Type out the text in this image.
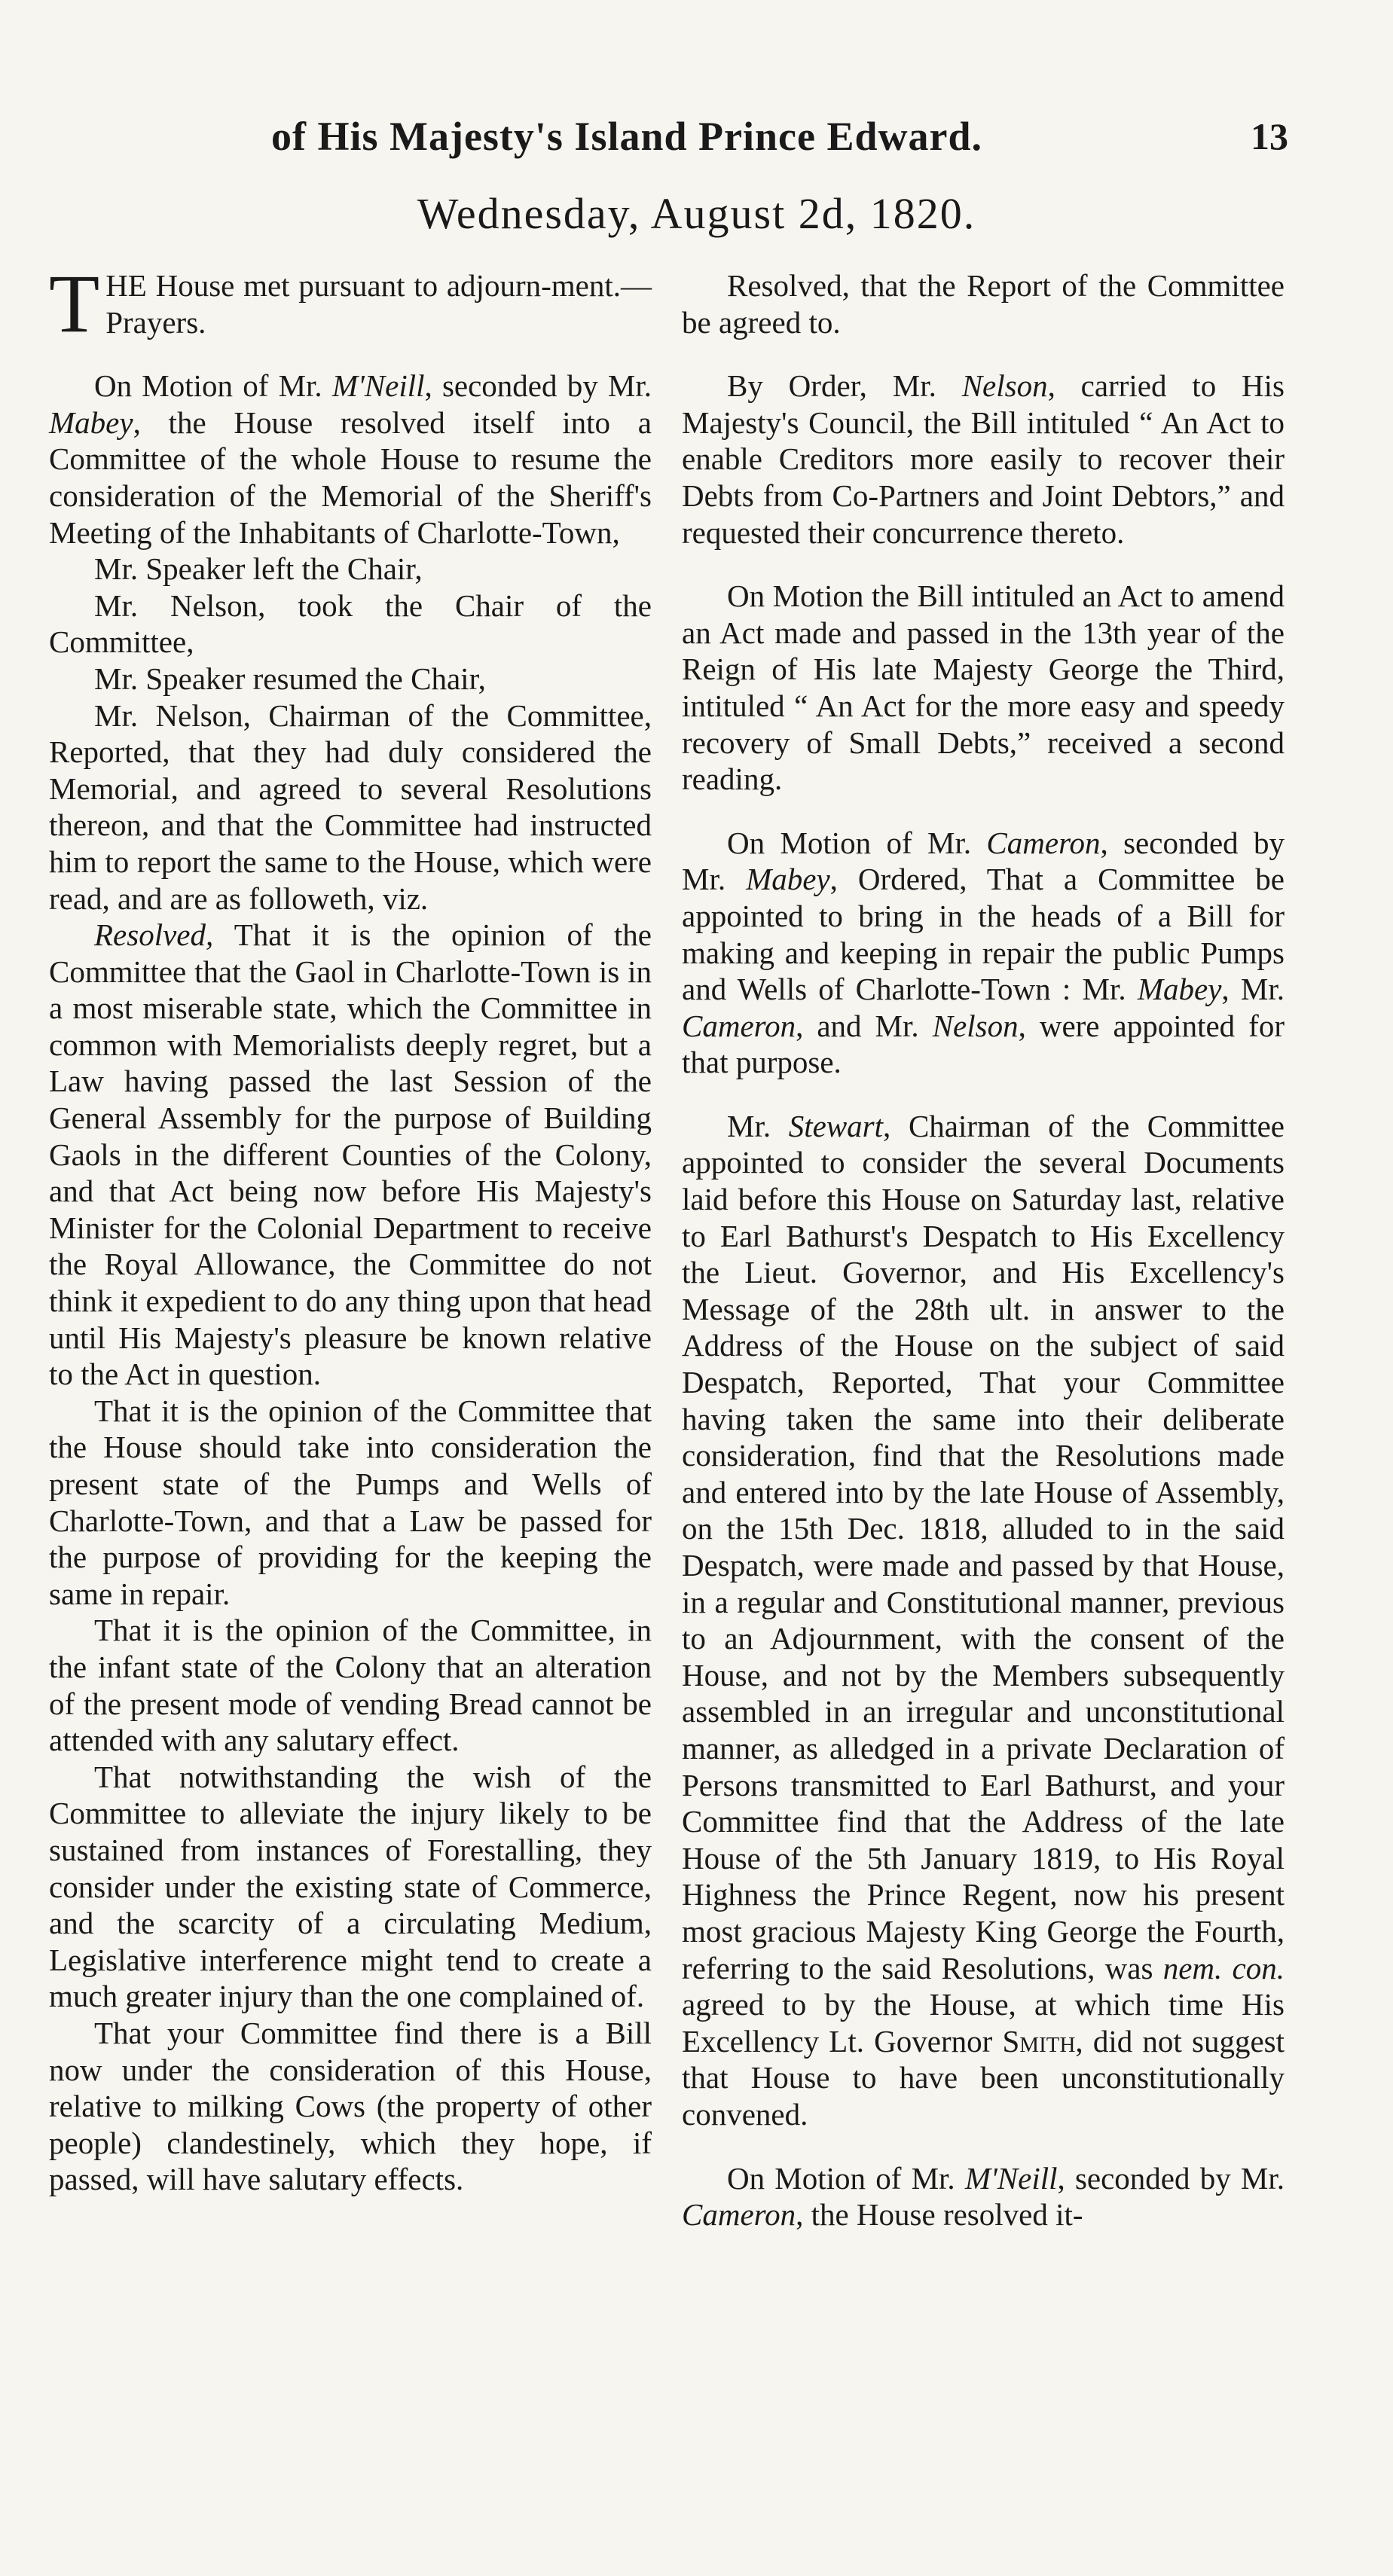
of His Majesty's Island Prince Edward.	13
Wednesday, August 2d, 1820.

THE House met pursuant to adjourn-ment.—Prayers.

On Motion of Mr. M'Neill, seconded by Mr. Mabey, the House resolved itself into a Committee of the whole House to resume the consideration of the Memorial of the Sheriff's Meeting of the Inhabitants of Charlotte-Town,

Mr. Speaker left the Chair,

Mr. Nelson, took the Chair of the Committee,

Mr. Speaker resumed the Chair,

Mr. Nelson, Chairman of the Committee, Reported, that they had duly considered the Memorial, and agreed to several Resolutions thereon, and that the Committee had instructed him to report the same to the House, which were read, and are as followeth, viz.

Resolved, That it is the opinion of the Committee that the Gaol in Charlotte-Town is in a most miserable state, which the Committee in common with Memorialists deeply regret, but a Law having passed the last Session of the General Assembly for the purpose of Building Gaols in the different Counties of the Colony, and that Act being now before His Majesty's Minister for the Colonial Department to receive the Royal Allowance, the Committee do not think it expedient to do any thing upon that head until His Majesty's pleasure be known relative to the Act in question.

That it is the opinion of the Committee that the House should take into consideration the present state of the Pumps and Wells of Charlotte-Town, and that a Law be passed for the purpose of providing for the keeping the same in repair.

That it is the opinion of the Committee, in the infant state of the Colony that an alteration of the present mode of vending Bread cannot be attended with any salutary effect.

That notwithstanding the wish of the Committee to alleviate the injury likely to be sustained from instances of Forestalling, they consider under the existing state of Commerce, and the scarcity of a circulating Medium, Legislative interference might tend to create a much greater injury than the one complained of.

That your Committee find there is a Bill now under the consideration of this House, relative to milking Cows (the property of other people) clandestinely, which they hope, if passed, will have salutary effects.

Resolved, that the Report of the Committee be agreed to.

By Order, Mr. Nelson, carried to His Majesty's Council, the Bill intituled “ An Act to enable Creditors more easily to recover their Debts from Co-Partners and Joint Debtors,” and requested their concurrence thereto.

On Motion the Bill intituled an Act to amend an Act made and passed in the 13th year of the Reign of His late Majesty George the Third, intituled “ An Act for the more easy and speedy recovery of Small Debts,” received a second reading.

On Motion of Mr. Cameron, seconded by Mr. Mabey, Ordered, That a Committee be appointed to bring in the heads of a Bill for making and keeping in repair the public Pumps and Wells of Charlotte-Town : Mr. Mabey, Mr. Cameron, and Mr. Nelson, were appointed for that purpose.

Mr. Stewart, Chairman of the Committee appointed to consider the several Documents laid before this House on Saturday last, relative to Earl Bathurst's Despatch to His Excellency the Lieut. Governor, and His Excellency's Message of the 28th ult. in answer to the Address of the House on the subject of said Despatch, Reported, That your Committee having taken the same into their deliberate consideration, find that the Resolutions made and entered into by the late House of Assembly, on the 15th Dec. 1818, alluded to in the said Despatch, were made and passed by that House, in a regular and Constitutional manner, previous to an Adjournment, with the consent of the House, and not by the Members subsequently assembled in an irregular and unconstitutional manner, as alledged in a private Declaration of Persons transmitted to Earl Bathurst, and your Committee find that the Address of the late House of the 5th January 1819, to His Royal Highness the Prince Regent, now his present most gracious Majesty King George the Fourth, referring to the said Resolutions, was nem. con. agreed to by the House, at which time His Excellency Lt. Governor Smith, did not suggest that House to have been unconstitutionally convened.

On Motion of Mr. M'Neill, seconded by Mr. Cameron, the House resolved it-
